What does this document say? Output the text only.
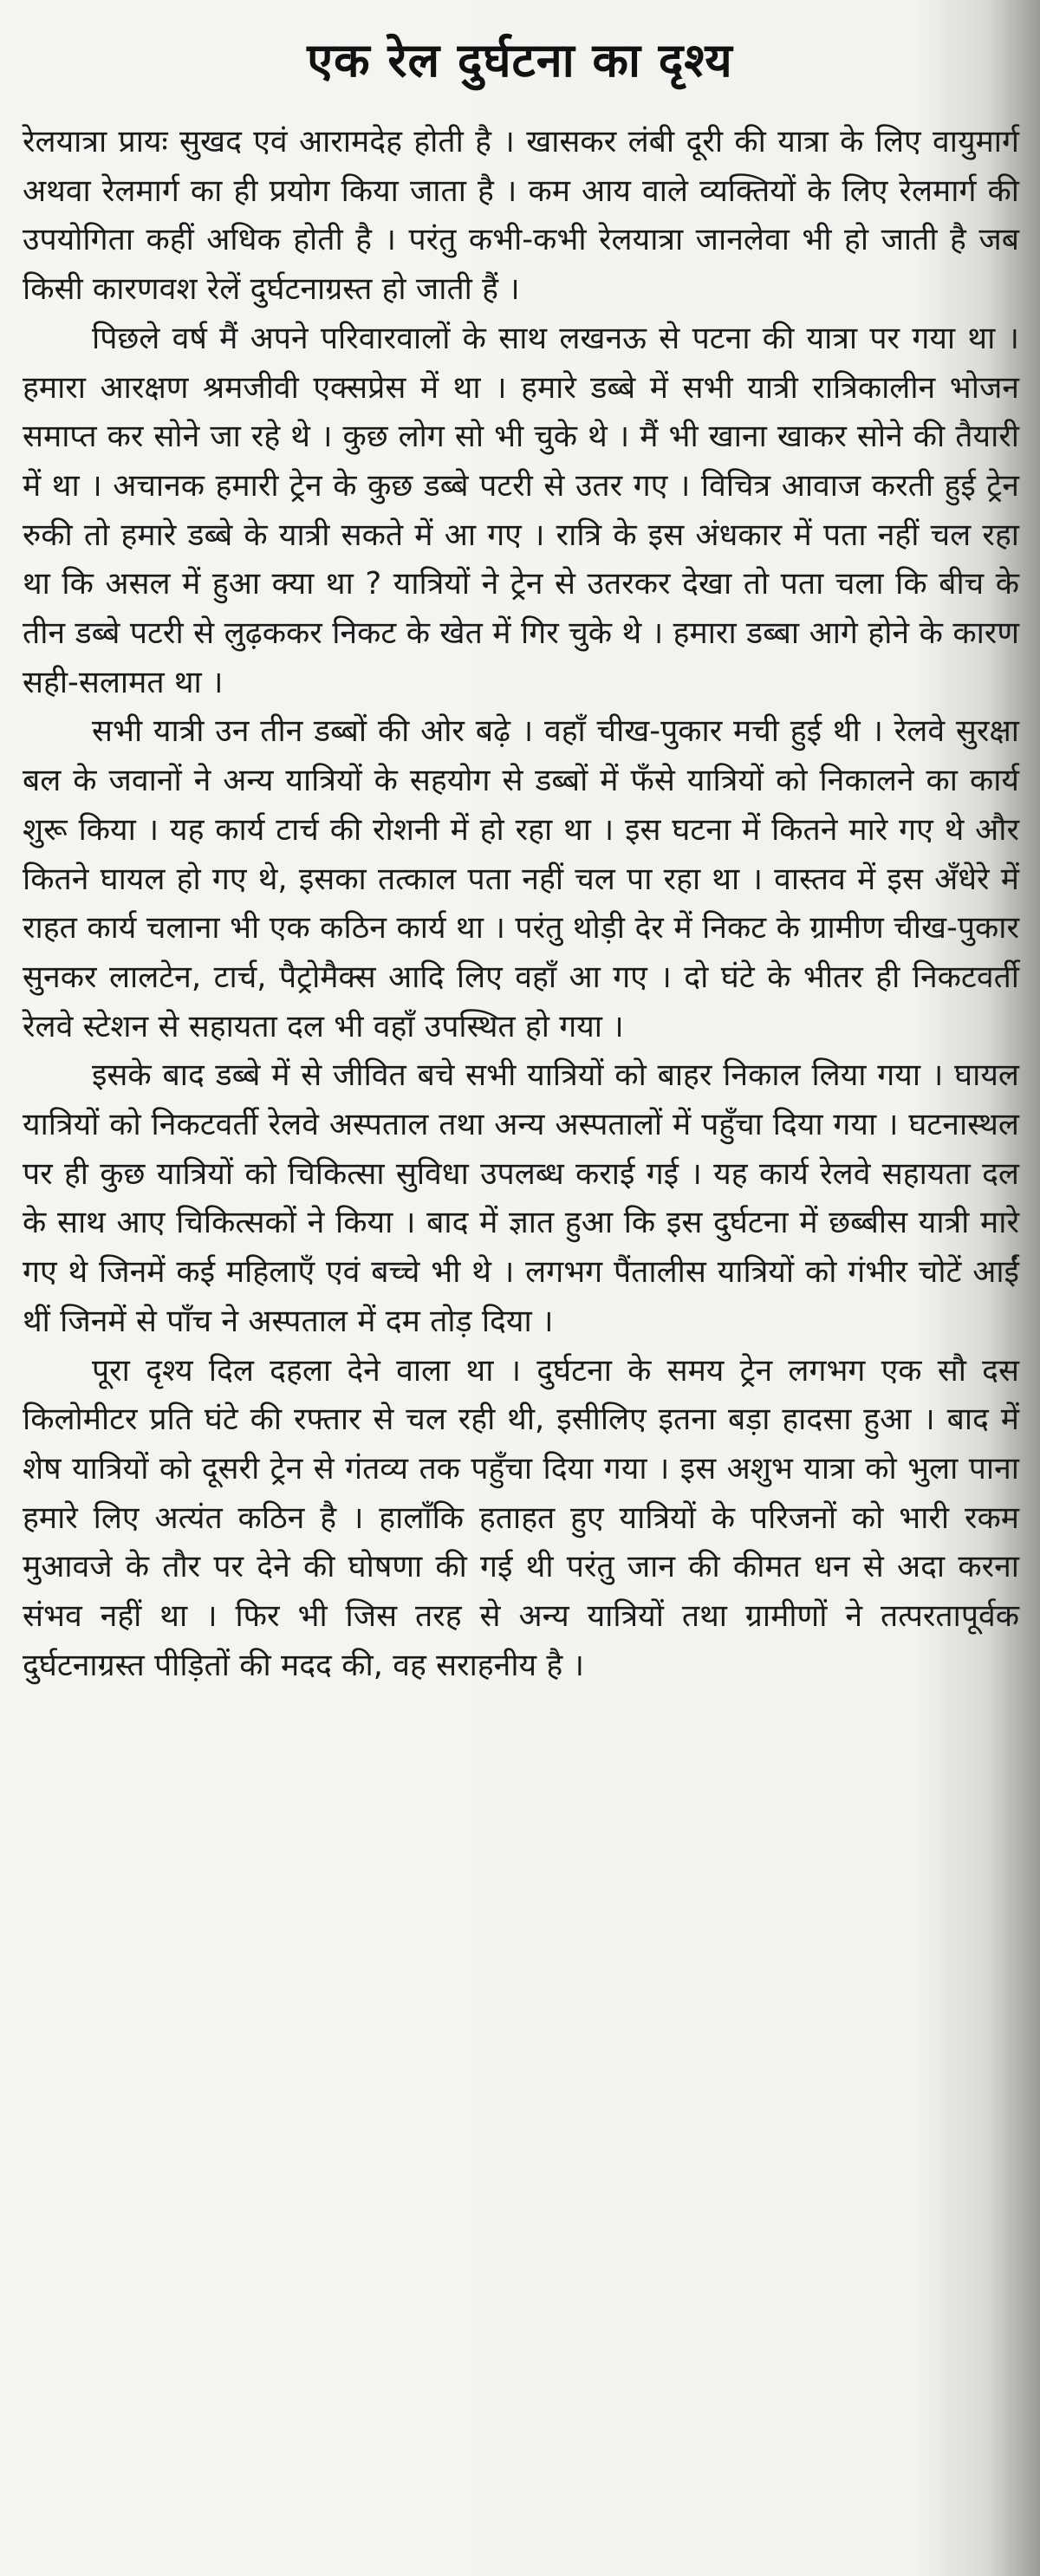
एक रेल दुर्घटना का दृश्य

रेलयात्रा प्रायः सुखद एवं आरामदेह होती है । खासकर लंबी दूरी की यात्रा के लिए वायुमार्ग अथवा रेलमार्ग का ही प्रयोग किया जाता है । कम आय वाले व्यक्तियों के लिए रेलमार्ग की उपयोगिता कहीं अधिक होती है । परंतु कभी-कभी रेलयात्रा जानलेवा भी हो जाती है जब किसी कारणवश रेलें दुर्घटनाग्रस्त हो जाती हैं ।

पिछले वर्ष मैं अपने परिवारवालों के साथ लखनऊ से पटना की यात्रा पर गया था । हमारा आरक्षण श्रमजीवी एक्सप्रेस में था । हमारे डब्बे में सभी यात्री रात्रिकालीन भोजन समाप्त कर सोने जा रहे थे । कुछ लोग सो भी चुके थे । मैं भी खाना खाकर सोने की तैयारी में था । अचानक हमारी ट्रेन के कुछ डब्बे पटरी से उतर गए । विचित्र आवाज करती हुई ट्रेन रुकी तो हमारे डब्बे के यात्री सकते में आ गए । रात्रि के इस अंधकार में पता नहीं चल रहा था कि असल में हुआ क्या था ? यात्रियों ने ट्रेन से उतरकर देखा तो पता चला कि बीच के तीन डब्बे पटरी से लुढ़ककर निकट के खेत में गिर चुके थे । हमारा डब्बा आगे होने के कारण सही-सलामत था ।

सभी यात्री उन तीन डब्बों की ओर बढ़े । वहाँ चीख-पुकार मची हुई थी । रेलवे सुरक्षा बल के जवानों ने अन्य यात्रियों के सहयोग से डब्बों में फँसे यात्रियों को निकालने का कार्य शुरू किया । यह कार्य टार्च की रोशनी में हो रहा था । इस घटना में कितने मारे गए थे और कितने घायल हो गए थे, इसका तत्काल पता नहीं चल पा रहा था । वास्तव में इस अँधेरे में राहत कार्य चलाना भी एक कठिन कार्य था । परंतु थोड़ी देर में निकट के ग्रामीण चीख-पुकार सुनकर लालटेन, टार्च, पैट्रोमैक्स आदि लिए वहाँ आ गए । दो घंटे के भीतर ही निकटवर्ती रेलवे स्टेशन से सहायता दल भी वहाँ उपस्थित हो गया ।

इसके बाद डब्बे में से जीवित बचे सभी यात्रियों को बाहर निकाल लिया गया । घायल यात्रियों को निकटवर्ती रेलवे अस्पताल तथा अन्य अस्पतालों में पहुँचा दिया गया । घटनास्थल पर ही कुछ यात्रियों को चिकित्सा सुविधा उपलब्ध कराई गई । यह कार्य रेलवे सहायता दल के साथ आए चिकित्सकों ने किया । बाद में ज्ञात हुआ कि इस दुर्घटना में छब्बीस यात्री मारे गए थे जिनमें कई महिलाएँ एवं बच्चे भी थे । लगभग पैंतालीस यात्रियों को गंभीर चोटें आईं थीं जिनमें से पाँच ने अस्पताल में दम तोड़ दिया ।

पूरा दृश्य दिल दहला देने वाला था । दुर्घटना के समय ट्रेन लगभग एक सौ दस किलोमीटर प्रति घंटे की रफ्तार से चल रही थी, इसीलिए इतना बड़ा हादसा हुआ । बाद में शेष यात्रियों को दूसरी ट्रेन से गंतव्य तक पहुँचा दिया गया । इस अशुभ यात्रा को भुला पाना हमारे लिए अत्यंत कठिन है । हालाँकि हताहत हुए यात्रियों के परिजनों को भारी रकम मुआवजे के तौर पर देने की घोषणा की गई थी परंतु जान की कीमत धन से अदा करना संभव नहीं था । फिर भी जिस तरह से अन्य यात्रियों तथा ग्रामीणों ने तत्परतापूर्वक दुर्घटनाग्रस्त पीड़ितों की मदद की, वह सराहनीय है ।
